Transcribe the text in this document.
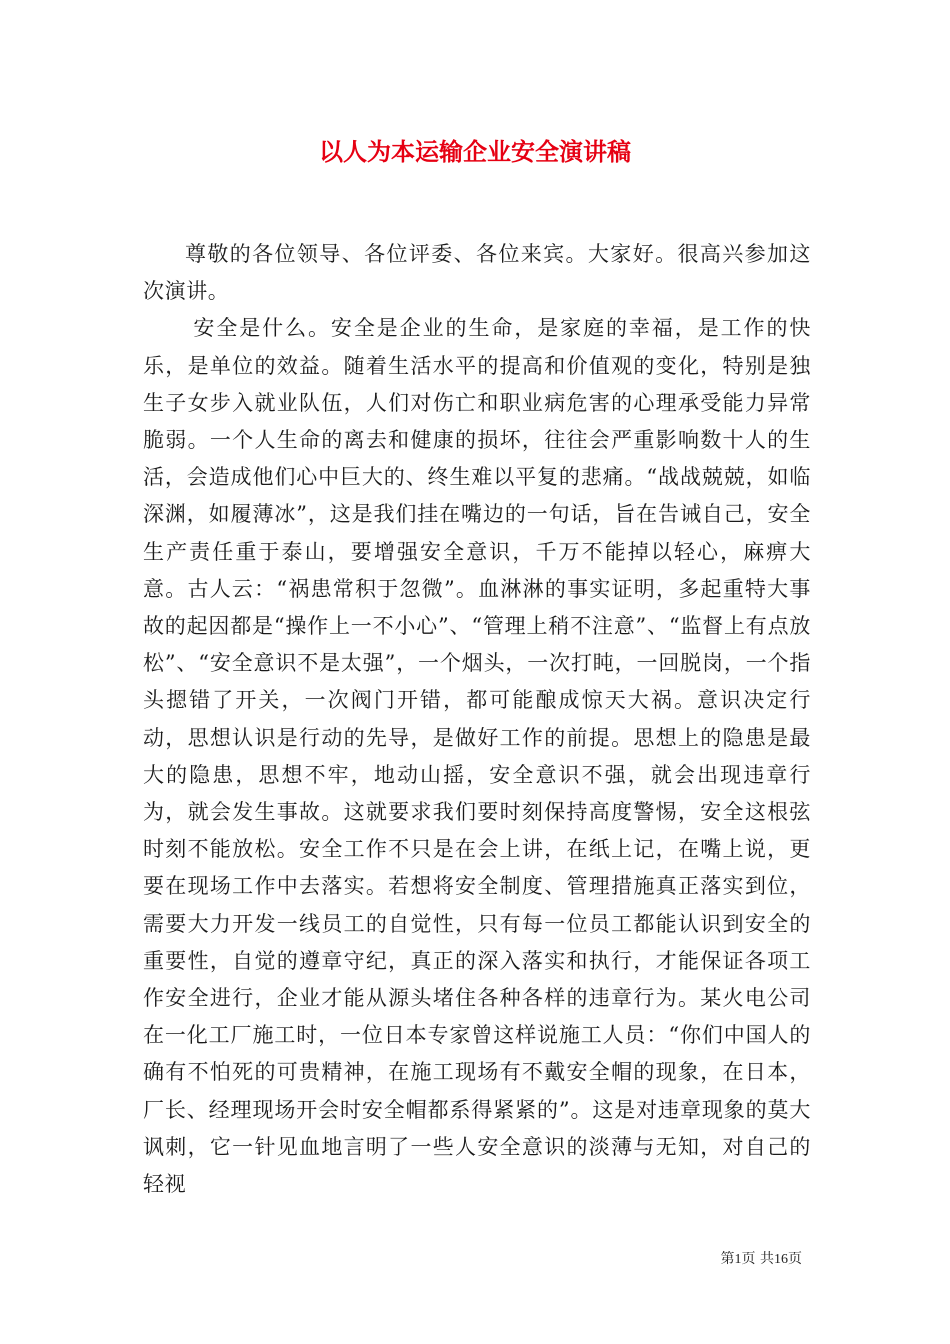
以人为本运输企业安全演讲稿

尊敬的各位领导、各位评委、各位来宾。大家好。很高兴参加这次演讲。

安全是什么。安全是企业的生命，是家庭的幸福，是工作的快乐，是单位的效益。随着生活水平的提高和价值观的变化，特别是独生子女步入就业队伍，人们对伤亡和职业病危害的心理承受能力异常脆弱。一个人生命的离去和健康的损坏，往往会严重影响数十人的生活，会造成他们心中巨大的、终生难以平复的悲痛。“战战兢兢，如临深渊，如履薄冰”，这是我们挂在嘴边的一句话，旨在告诫自己，安全生产责任重于泰山，要增强安全意识，千万不能掉以轻心，麻痹大意。古人云：“祸患常积于忽微”。血淋淋的事实证明，多起重特大事故的起因都是“操作上一不小心”、“管理上稍不注意”、“监督上有点放松”、“安全意识不是太强”，一个烟头，一次打盹，一回脱岗，一个指头摁错了开关，一次阀门开错，都可能酿成惊天大祸。意识决定行动，思想认识是行动的先导，是做好工作的前提。思想上的隐患是最大的隐患，思想不牢，地动山摇，安全意识不强，就会出现违章行为，就会发生事故。这就要求我们要时刻保持高度警惕，安全这根弦时刻不能放松。安全工作不只是在会上讲，在纸上记，在嘴上说，更要在现场工作中去落实。若想将安全制度、管理措施真正落实到位，需要大力开发一线员工的自觉性，只有每一位员工都能认识到安全的重要性，自觉的遵章守纪，真正的深入落实和执行，才能保证各项工作安全进行，企业才能从源头堵住各种各样的违章行为。某火电公司在一化工厂施工时，一位日本专家曾这样说施工人员：“你们中国人的确有不怕死的可贵精神，在施工现场有不戴安全帽的现象，在日本，厂长、经理现场开会时安全帽都系得紧紧的”。这是对违章现象的莫大讽刺，它一针见血地言明了一些人安全意识的淡薄与无知，对自己的轻视

第1页 共16页
